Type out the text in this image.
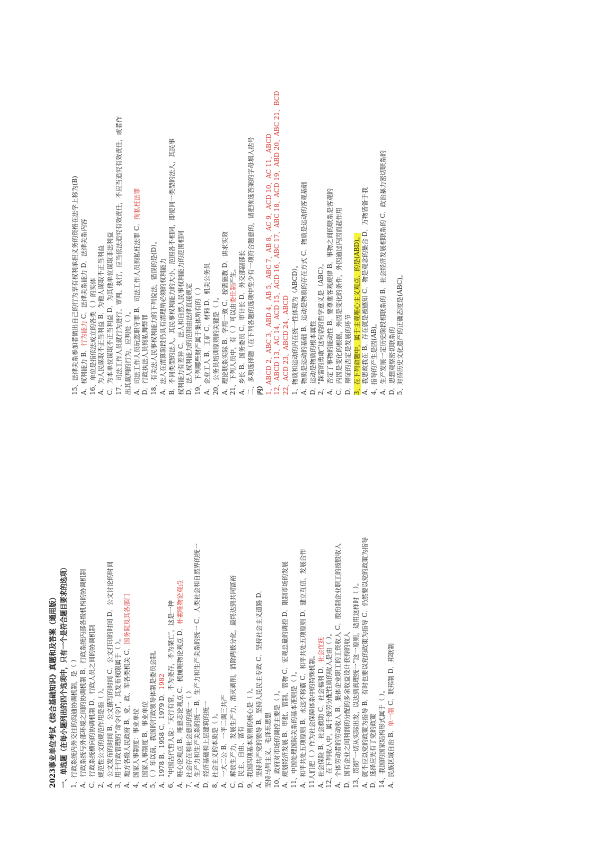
2023事业单位考试《综合基础知识》真题和及答案（通用版） 一、单选题（在每小题列出的四个选项中，只有一个是符合题目要求的选项） 1、行政系统内外交往的沟通协调机制，是（ ） A．行政系统与外部环境之间的协调机制 B．行政系统内部各级机构的协调机制 C．行政系统横向的协调机制 D．行政人员之间的协调机制 2、规范性公文的规范作用是指（ ）。 A．公文发布的时间 B．公文撰写的时间 C．公文打印的时间 D．公文讨论的时间 3、用于行政管理的“命令(令)”，其发布权限属于（ ）。 A．地方各级人民政府 B．党、政、军各类机关 C．国务院及其各部门
4、国家人事制度：事业单位 A．国家人事制度 B．事业单位 5、（ ）年以前，我国的行政领导体制是委员会制。 A．1978 B．1958 C．1979 D．1982 6、“中国古代哲人说：‘天行有常，不为尧存，不为桀亡’，这是一种 A．唯心论观点 B．唯意志论观点 C．机械唯物论观点 D．朴素唯物论观点
7、社会存在和社会意识的统一（ ） A．生产力和生产关系的统一 B．生产力和生产关系的统一 C．人类社会和自然界的统一 D．经济基础和上层建筑的统一 8、社会主义的本质是（ ）。 A．一大二公 B．一平二调三共产 C．解放生产力，发展生产力，消灭剥削，消除两极分化，最终达到共同富裕 D．民主、自由、富有 9、我国四项基本原则的核心是（ ）。 A．坚持共产党的领导 B．坚持人民民主专政 C．坚持社会主义道路 D． 坚持马列主义、毛泽东思想 10、政府对市场的调控主要是（ ）。 A．规划经济发展 B．审批、管制、管物 C．宏观总量的调控 D．限制市场的发展 11、中国处理国际关系的基本准则是（ ）。 A．和平共处五项原则 B．永远不称霸 C．和平共处五项原则 D．建立互信、发展合作 11人们把（ ）作为社会保障体系中的特殊机制。 A．社会保险 B．社会救助 C．社会福利 D．社会优抚 12、在下列收入中，属于按劳分配性质的收入是由（ ）。 A．个体劳动者的劳动收入 B．集体企业职工的工资收入 C．股份制企业职工的按股收入 D．国有企业之间利润的分配的多余收益设计获得的收入 13、贯彻“一切从实际出发，以达到真理统一”这一原则，适用这样时（ ）。 A．就不应以党的政策为指导 B．有时也要以党的政策为指导 C．仍然要以党的政策为指导 D．选择应先有了党的政策 14、我国的国家结构形式属于（ ）。 A．民族区域自治 B．单一制 C．联邦制 D．邦联制
15、法律关系参加者做出自己的行为享有权利承担义务的资格在法学上称为(B) A．权利能力 B．行为能力 C．法律关系能力 D．法律关系内容
16、单位是指依法成立的各类（ ）的实体 A．为人民谋取不正当利益 B．为他人谋取不正当利益 C．为本单位谋取不正当利益 D．为其他单位谋取非法利益 17、司法工作人员就行为进行、审判、执行，应当依法追究有效责任，不应当追究有效责任，或者作 出其裁判的行为，应判处（ ）。 A．司法工作人员玩忽职守罪 B．司法工作人员徇私枉法罪 C．徇私枉法罪
D．行政执法人员徇私舞弊罪 18、有关法人民事权利能力的下列说法，错误的是(D）。 A．法人在清算阶段仍具有清理所必须的权利能力 B．不同类型的法人，其民事权利能力的大小、范围各不相同，即使同一类型的法人，其民事 权利能力有差异 C．法人和自然人民事权利能力的范围相同 D．法人权利能力的范围由法律直接规定 19、下列哪些财产属于集体所有的（ ） A．企业工人 B．工矿 C．材料 D．机关公务员 20、公务员培训原则的关键是（ ）。 A．理论联系实际 B．学用一致 C．按需施教 D．讲求实效 21、下列人员中，有（ ）可以由委任制产生。 A．乡长 B．国务委员 C．审计长 D．外交部副部长 二、多项选择题（在下列各题的选项中至少有一项符合题意的，请把所选答案的字母填入括号 内） 1、ABCD 2、ABC 3、ABD 4、AB 5、ABC 7、AB 8、AC 9、ACD 10、AC 11、ABCD 12、ABCD 13、AC 14、ACD 15、ACD 16、ABC 17、ABC 18、ACD 19、ABD 20、ABC 21、BCD 22、ACD 23、ABCD 24、ABCD 1、物质和运动的内在统一性体现为（ABCD）。 A．物质是运动的基础 B．运动是物质的存在方式 C．物质是运动的客观基础 D．运动是物质的根本属性 2、“踩雷的勇敢”这句话的哲学意义是（ABC）。 A．否定了事物的能动性 B．要尊重客观规律 B．事物之间的联系是客观的 C．内因是变化的根据，外因是变化的条件，外因通过内因而起作用 D．辩证的否定是发展的环节 3、在下列命题中，属于主观唯心主义观点、的是(ABD)。 A．我思故我在 B．存在就是被感知 C．物是观念的集合 D．万物皆备于我 4、指导的产生是因(AB)。 A．生产发展一定历史阶段相联系的 B．社会经济发展相联系的 C．政治暴力密切联系的 D．思想观察密切联系的 5、对待历史文化遗产的正确态度是(ABC)。
